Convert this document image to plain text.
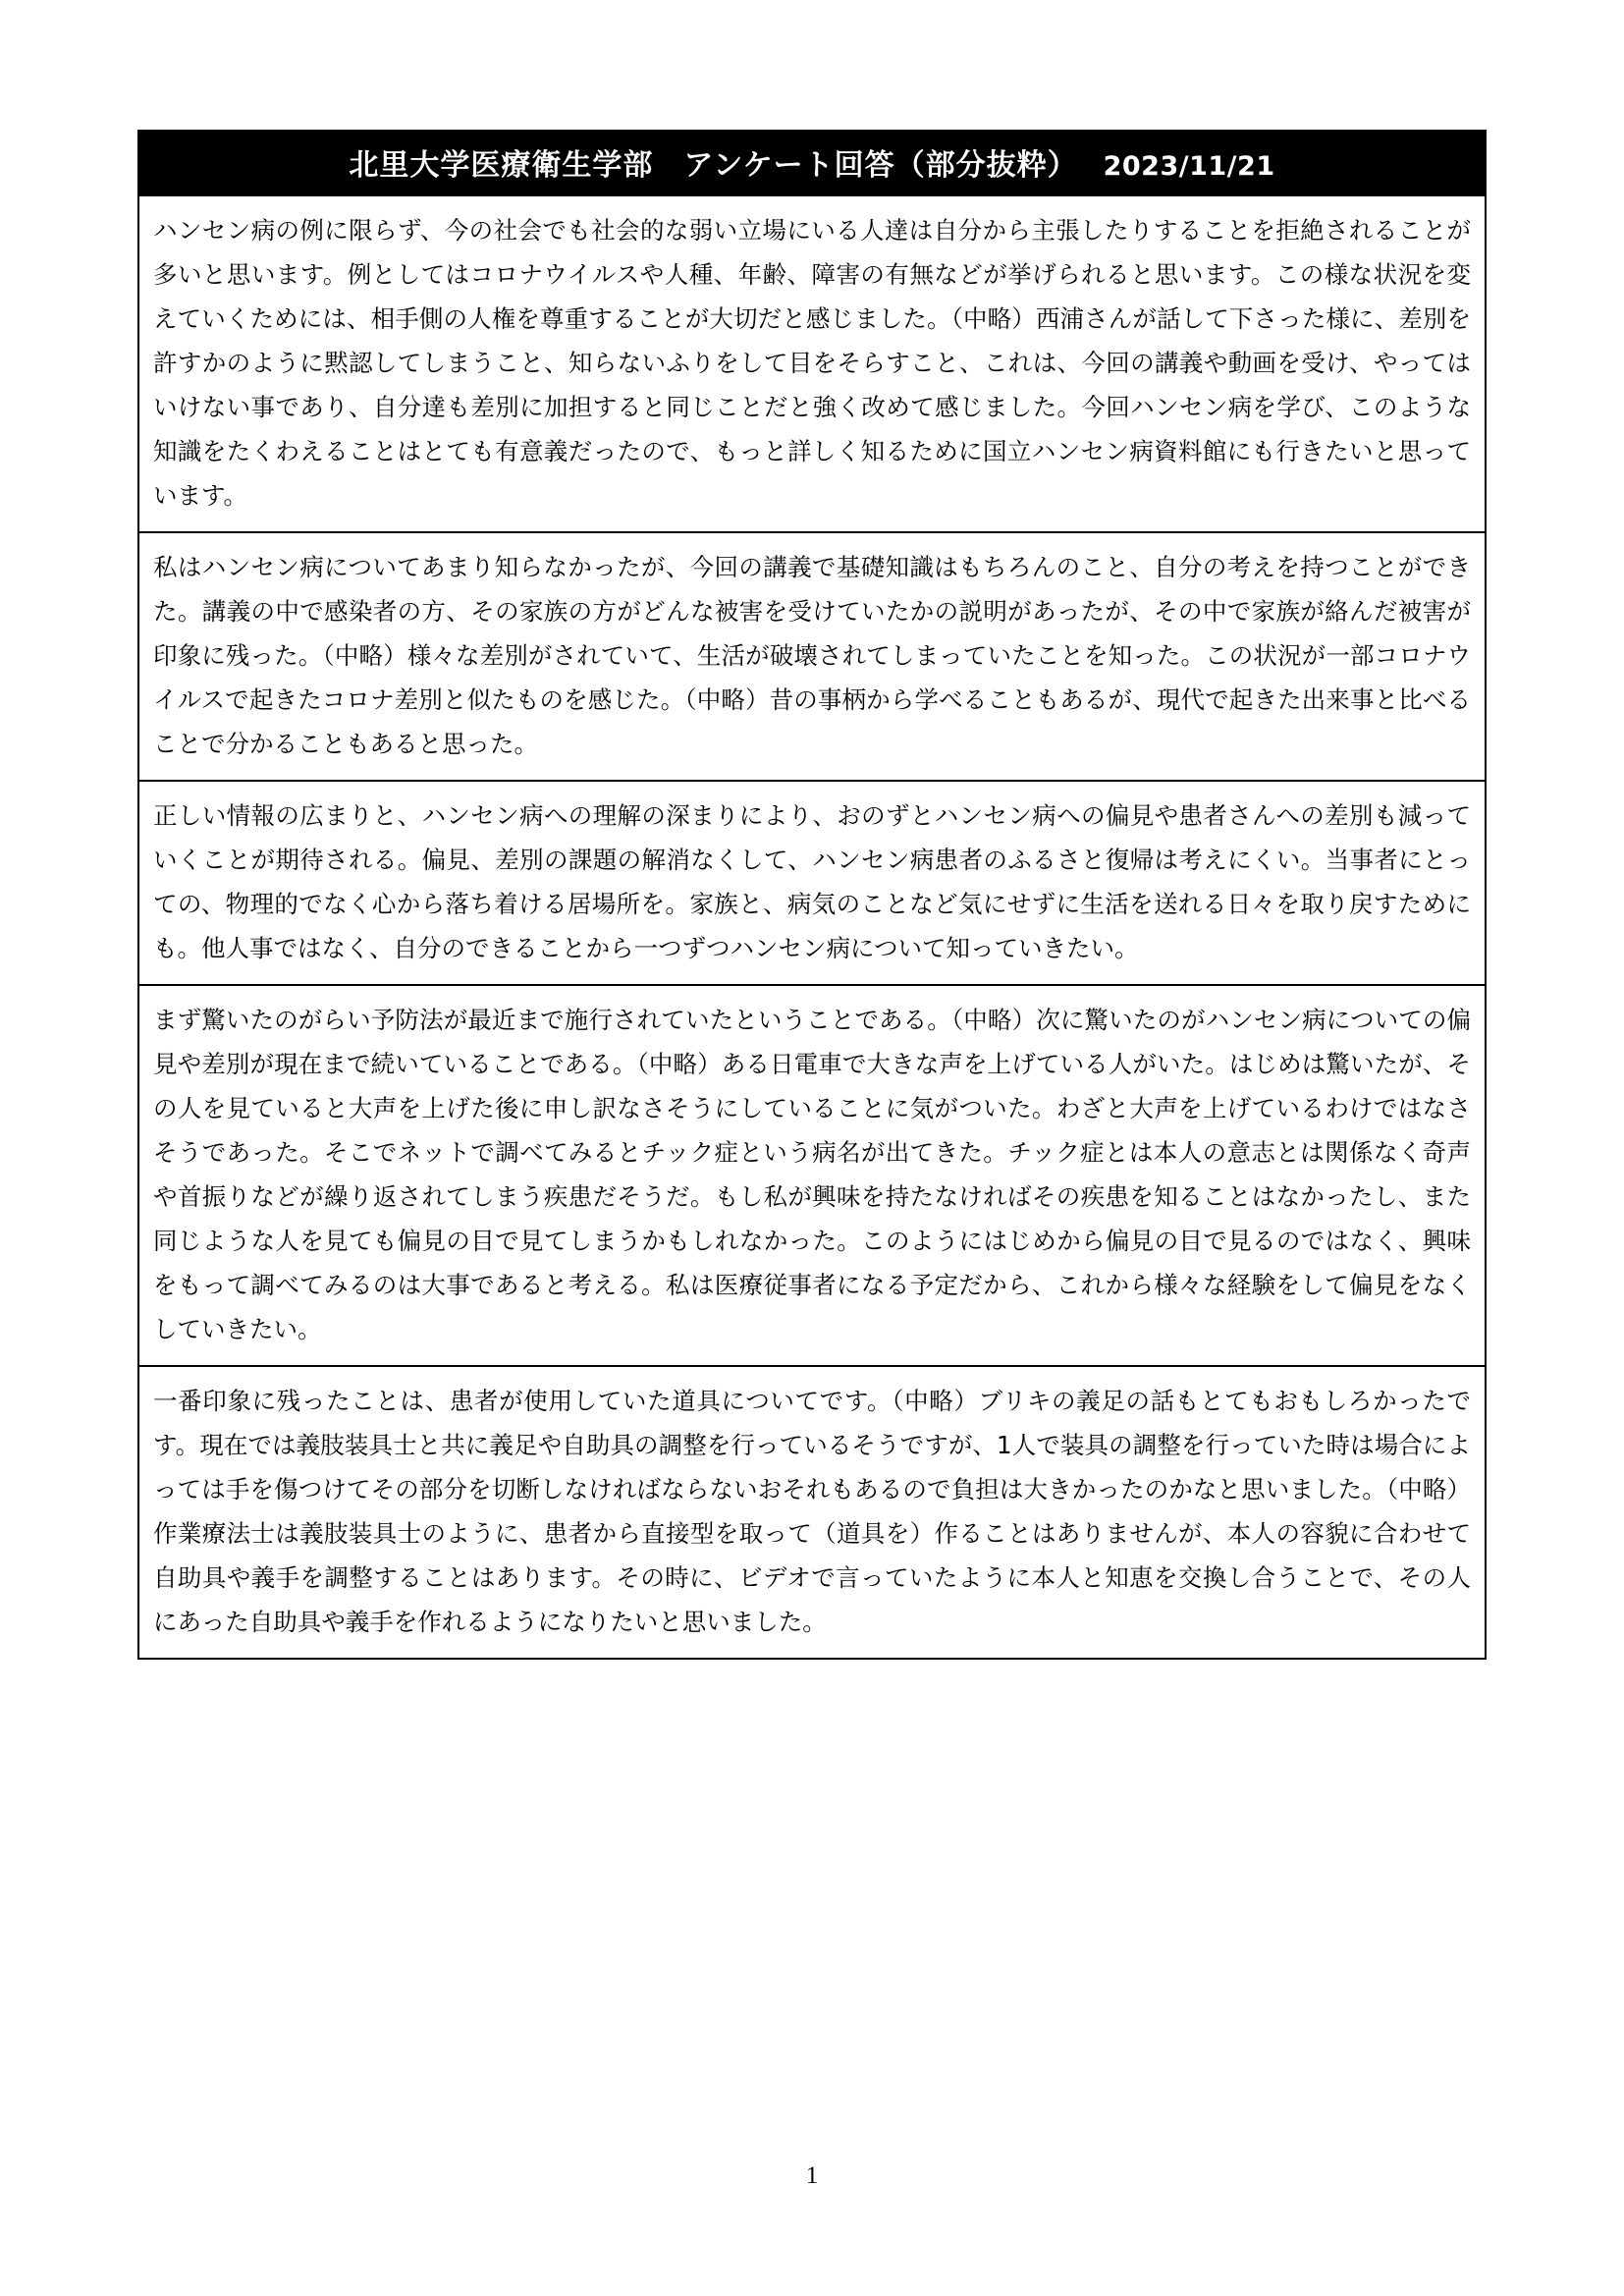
北里大学医療衛生学部　アンケート回答（部分抜粋） 2023/11/21

ハンセン病の例に限らず、今の社会でも社会的な弱い立場にいる人達は自分から主張したりすることを拒絶されることが多いと思います。例としてはコロナウイルスや人種、年齢、障害の有無などが挙げられると思います。この様な状況を変えていくためには、相手側の人権を尊重することが大切だと感じました。（中略）西浦さんが話して下さった様に、差別を許すかのように黙認してしまうこと、知らないふりをして目をそらすこと、これは、今回の講義や動画を受け、やってはいけない事であり、自分達も差別に加担すると同じことだと強く改めて感じました。今回ハンセン病を学び、このような知識をたくわえることはとても有意義だったので、もっと詳しく知るために国立ハンセン病資料館にも行きたいと思っています。

私はハンセン病についてあまり知らなかったが、今回の講義で基礎知識はもちろんのこと、自分の考えを持つことができた。講義の中で感染者の方、その家族の方がどんな被害を受けていたかの説明があったが、その中で家族が絡んだ被害が印象に残った。（中略）様々な差別がされていて、生活が破壊されてしまっていたことを知った。この状況が一部コロナウイルスで起きたコロナ差別と似たものを感じた。（中略）昔の事柄から学べることもあるが、現代で起きた出来事と比べることで分かることもあると思った。

正しい情報の広まりと、ハンセン病への理解の深まりにより、おのずとハンセン病への偏見や患者さんへの差別も減っていくことが期待される。偏見、差別の課題の解消なくして、ハンセン病患者のふるさと復帰は考えにくい。当事者にとっての、物理的でなく心から落ち着ける居場所を。家族と、病気のことなど気にせずに生活を送れる日々を取り戻すためにも。他人事ではなく、自分のできることから一つずつハンセン病について知っていきたい。

まず驚いたのがらい予防法が最近まで施行されていたということである。（中略）次に驚いたのがハンセン病についての偏見や差別が現在まで続いていることである。（中略）ある日電車で大きな声を上げている人がいた。はじめは驚いたが、その人を見ていると大声を上げた後に申し訳なさそうにしていることに気がついた。わざと大声を上げているわけではなさそうであった。そこでネットで調べてみるとチック症という病名が出てきた。チック症とは本人の意志とは関係なく奇声や首振りなどが繰り返されてしまう疾患だそうだ。もし私が興味を持たなければその疾患を知ることはなかったし、また同じような人を見ても偏見の目で見てしまうかもしれなかった。このようにはじめから偏見の目で見るのではなく、興味をもって調べてみるのは大事であると考える。私は医療従事者になる予定だから、これから様々な経験をして偏見をなくしていきたい。

一番印象に残ったことは、患者が使用していた道具についてです。（中略）ブリキの義足の話もとてもおもしろかったです。現在では義肢装具士と共に義足や自助具の調整を行っているそうですが、1人で装具の調整を行っていた時は場合によっては手を傷つけてその部分を切断しなければならないおそれもあるので負担は大きかったのかなと思いました。（中略）作業療法士は義肢装具士のように、患者から直接型を取って（道具を）作ることはありませんが、本人の容貌に合わせて自助具や義手を調整することはあります。その時に、ビデオで言っていたように本人と知恵を交換し合うことで、その人にあった自助具や義手を作れるようになりたいと思いました。

1
